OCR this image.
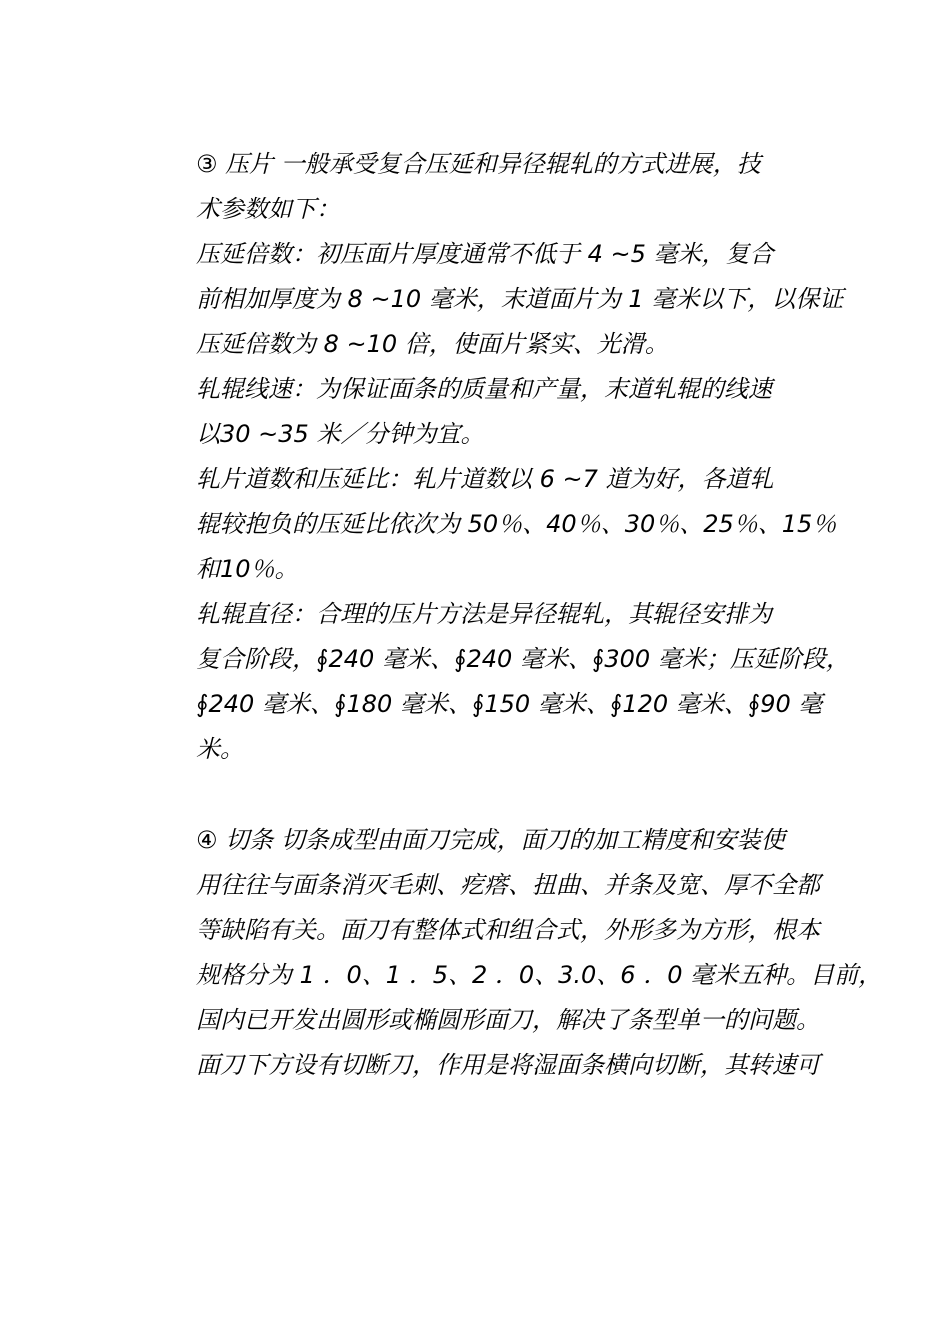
③ 压片 一般承受复合压延和异径辊轧的方式进展，技
术参数如下：

压延倍数：初压面片厚度通常不低于 4 ~5 毫米，复合
前相加厚度为 8 ~10 毫米，末道面片为 1 毫米以下，以保证
压延倍数为 8 ~10 倍，使面片紧实、光滑。

轧辊线速：为保证面条的质量和产量，末道轧辊的线速
以30 ~35 米／分钟为宜。

轧片道数和压延比：轧片道数以 6 ~7 道为好，各道轧
辊较抱负的压延比依次为 50％、40％、30％、25％、15％
和10％。

轧辊直径：合理的压片方法是异径辊轧，其辊径安排为
复合阶段，∮240 毫米、∮240 毫米、∮300 毫米；压延阶段，
∮240 毫米、∮180 毫米、∮150 毫米、∮120 毫米、∮90 毫
米。

④ 切条 切条成型由面刀完成，面刀的加工精度和安装使
用往往与面条消灭毛刺、疙瘩、扭曲、并条及宽、厚不全都
等缺陷有关。面刀有整体式和组合式，外形多为方形，根本
规格分为 1 ．0、1 ．5、2 ．0、3.0、6 ．0 毫米五种。目前，
国内已开发出圆形或椭圆形面刀，解决了条型单一的问题。
面刀下方设有切断刀，作用是将湿面条横向切断，其转速可
